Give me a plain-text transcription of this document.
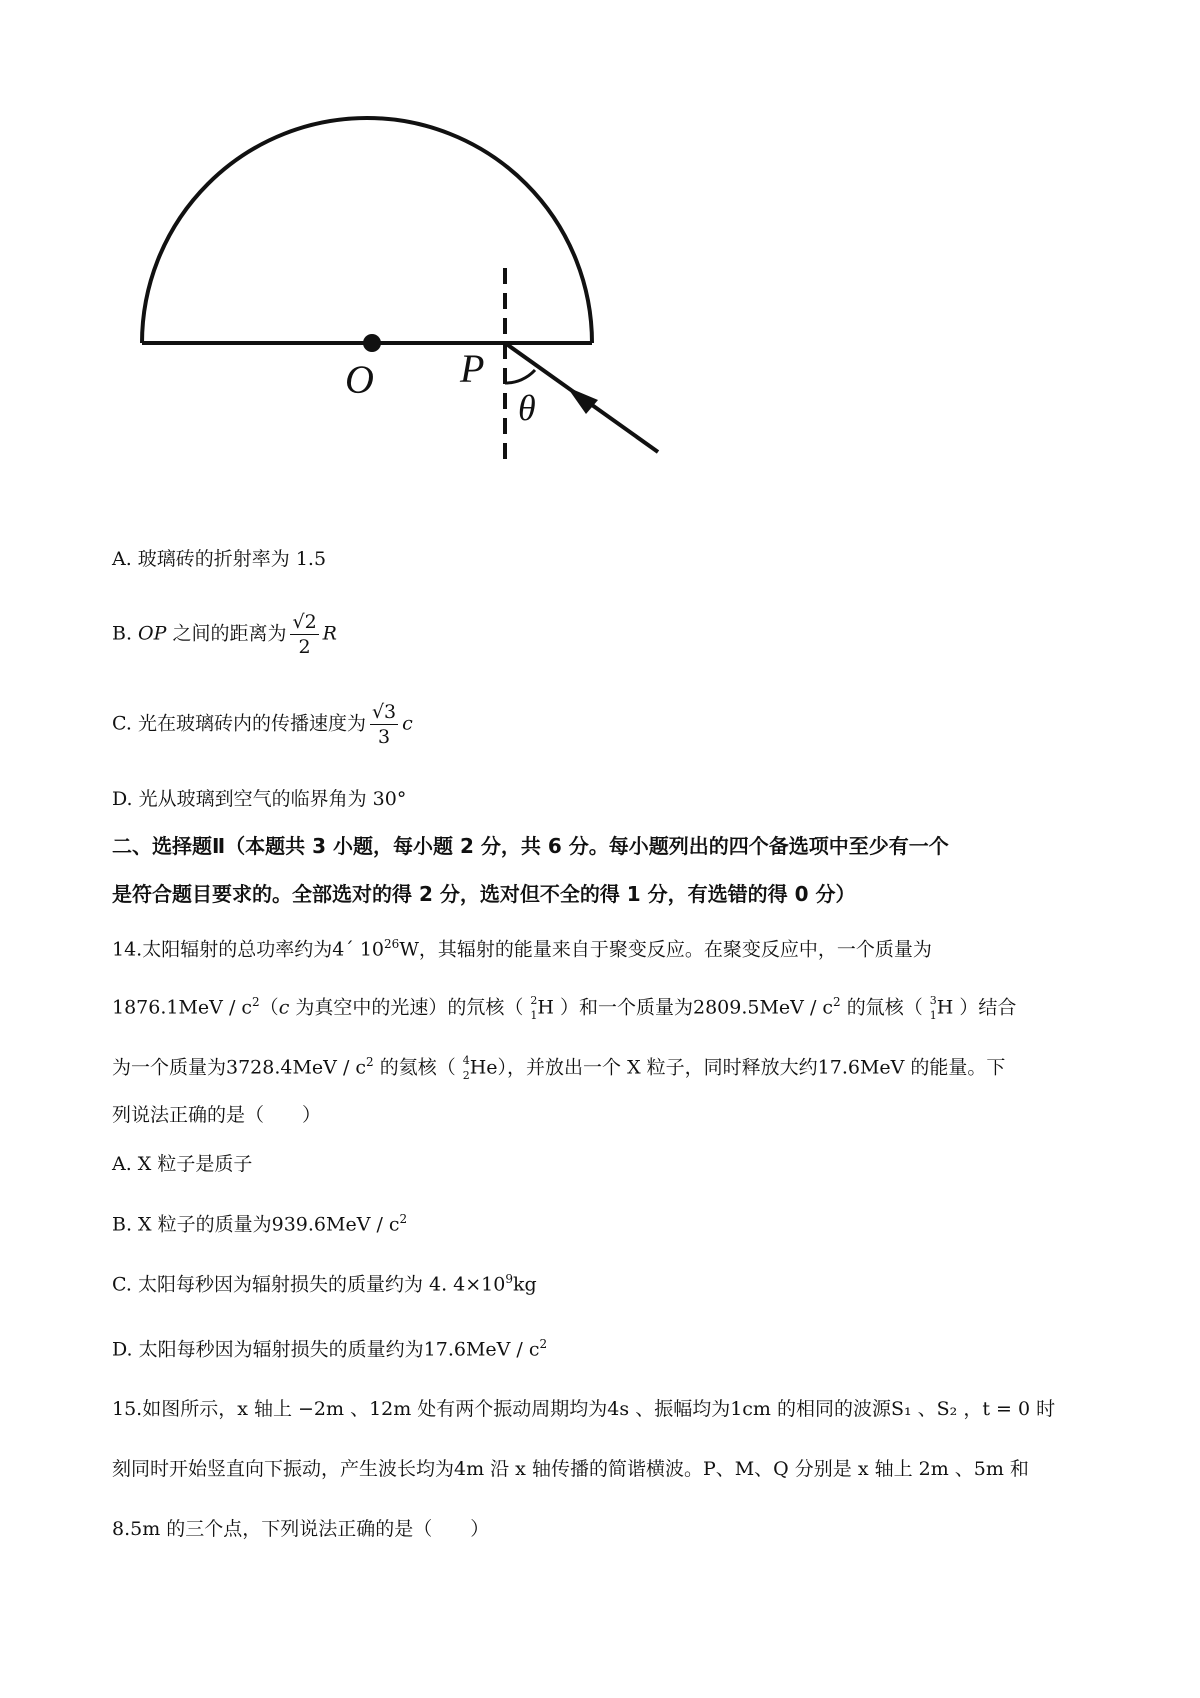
O P
θ
A. 玻璃砖的折射率为 1.5
B. OP 之间的距离为 $\frac{√2}{2}$ R
C. 光在玻璃砖内的传播速度为 $\frac{√3}{3}$ c
D. 光从玻璃到空气的临界角为 30°
二、选择题Ⅱ（本题共 3 小题，每小题 2 分，共 6 分。每小题列出的四个备选项中至少有一个
是符合题目要求的。全部选对的得 2 分，选对但不全的得 1 分，有选错的得 0 分）
14.太阳辐射的总功率约为4´ $10^{26}W$，其辐射的能量来自于聚变反应。在聚变反应中，一个质量为
$1876.1MeV / c^2(c$ 为真空中的光速）的氘核（ 2
1 H ）和一个质量为$2809.5MeV / c^2$ 的氚核（ 3
1 H ）结合
为一个质量为$3728.4MeV / c^2$ 的氦核（ 4
2 He），并放出一个 X 粒子，同时释放大约17.6MeV 的能量。下
列说法正确的是（　　）
A. X 粒子是质子
B. X 粒子的质量为$939.6MeV / c^2$
C. 太阳每秒因为辐射损失的质量约为 4. $4\times 10^9kg$
D. 太阳每秒因为辐射损失的质量约为$17.6MeV / c^2$
15.如图所示，x 轴上 −2m 、12m 处有两个振动周期均为4s 、振幅均为1cm 的相同的波源S₁ 、S₂ ，t = 0 时
刻同时开始竖直向下振动，产生波长均为4m 沿 x 轴传播的简谐横波。P、M、Q 分别是 x 轴上 2m 、5m 和
8.5m 的三个点，下列说法正确的是（　　）
